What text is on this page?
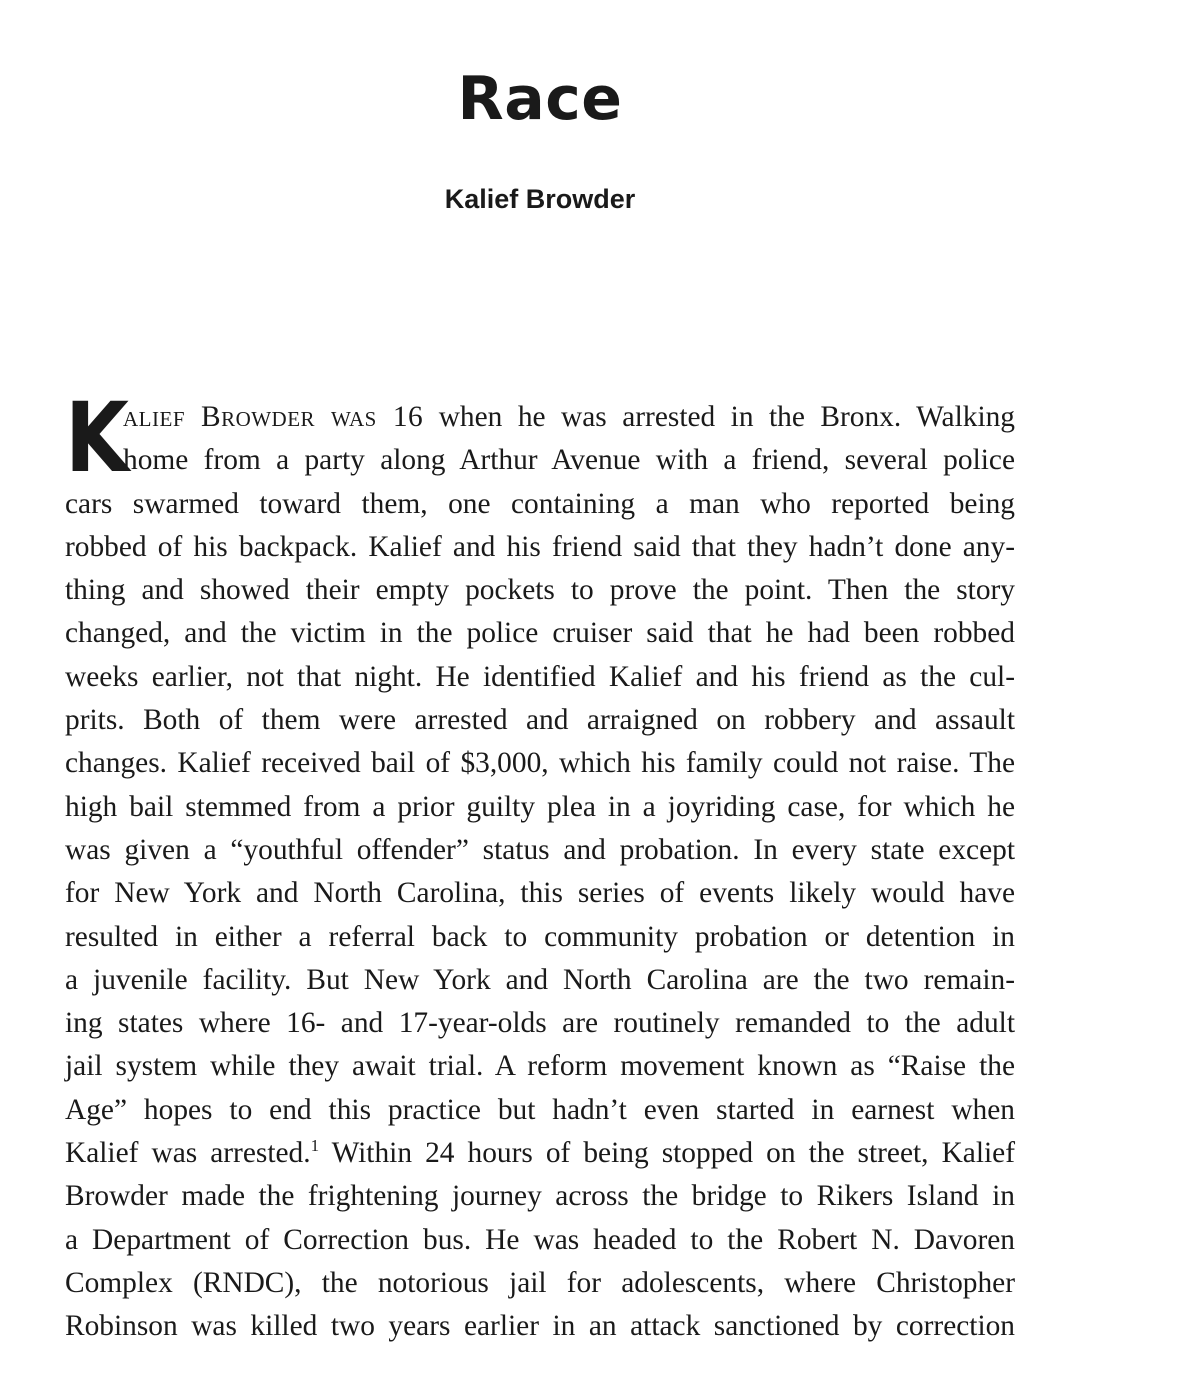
Race
Kalief Browder
K
alief Browder was 16 when he was arrested in the Bronx. Walking
home from a party along Arthur Avenue with a friend, several police
cars swarmed toward them, one containing a man who reported being
robbed of his backpack. Kalief and his friend said that they hadn’t done any-
thing and showed their empty pockets to prove the point. Then the story
changed, and the victim in the police cruiser said that he had been robbed
weeks earlier, not that night. He identified Kalief and his friend as the cul-
prits. Both of them were arrested and arraigned on robbery and assault
changes. Kalief received bail of $3,000, which his family could not raise. The
high bail stemmed from a prior guilty plea in a joyriding case, for which he
was given a “youthful offender” status and probation. In every state except
for New York and North Carolina, this series of events likely would have
resulted in either a referral back to community probation or detention in
a juvenile facility. But New York and North Carolina are the two remain-
ing states where 16- and 17-year-olds are routinely remanded to the adult
jail system while they await trial. A reform movement known as “Raise the
Age” hopes to end this practice but hadn’t even started in earnest when
Kalief was arrested.$^1$ Within 24 hours of being stopped on the street, Kalief
Browder made the frightening journey across the bridge to Rikers Island in
a Department of Correction bus. He was headed to the Robert N. Davoren
Complex (RNDC), the notorious jail for adolescents, where Christopher
Robinson was killed two years earlier in an attack sanctioned by correction
